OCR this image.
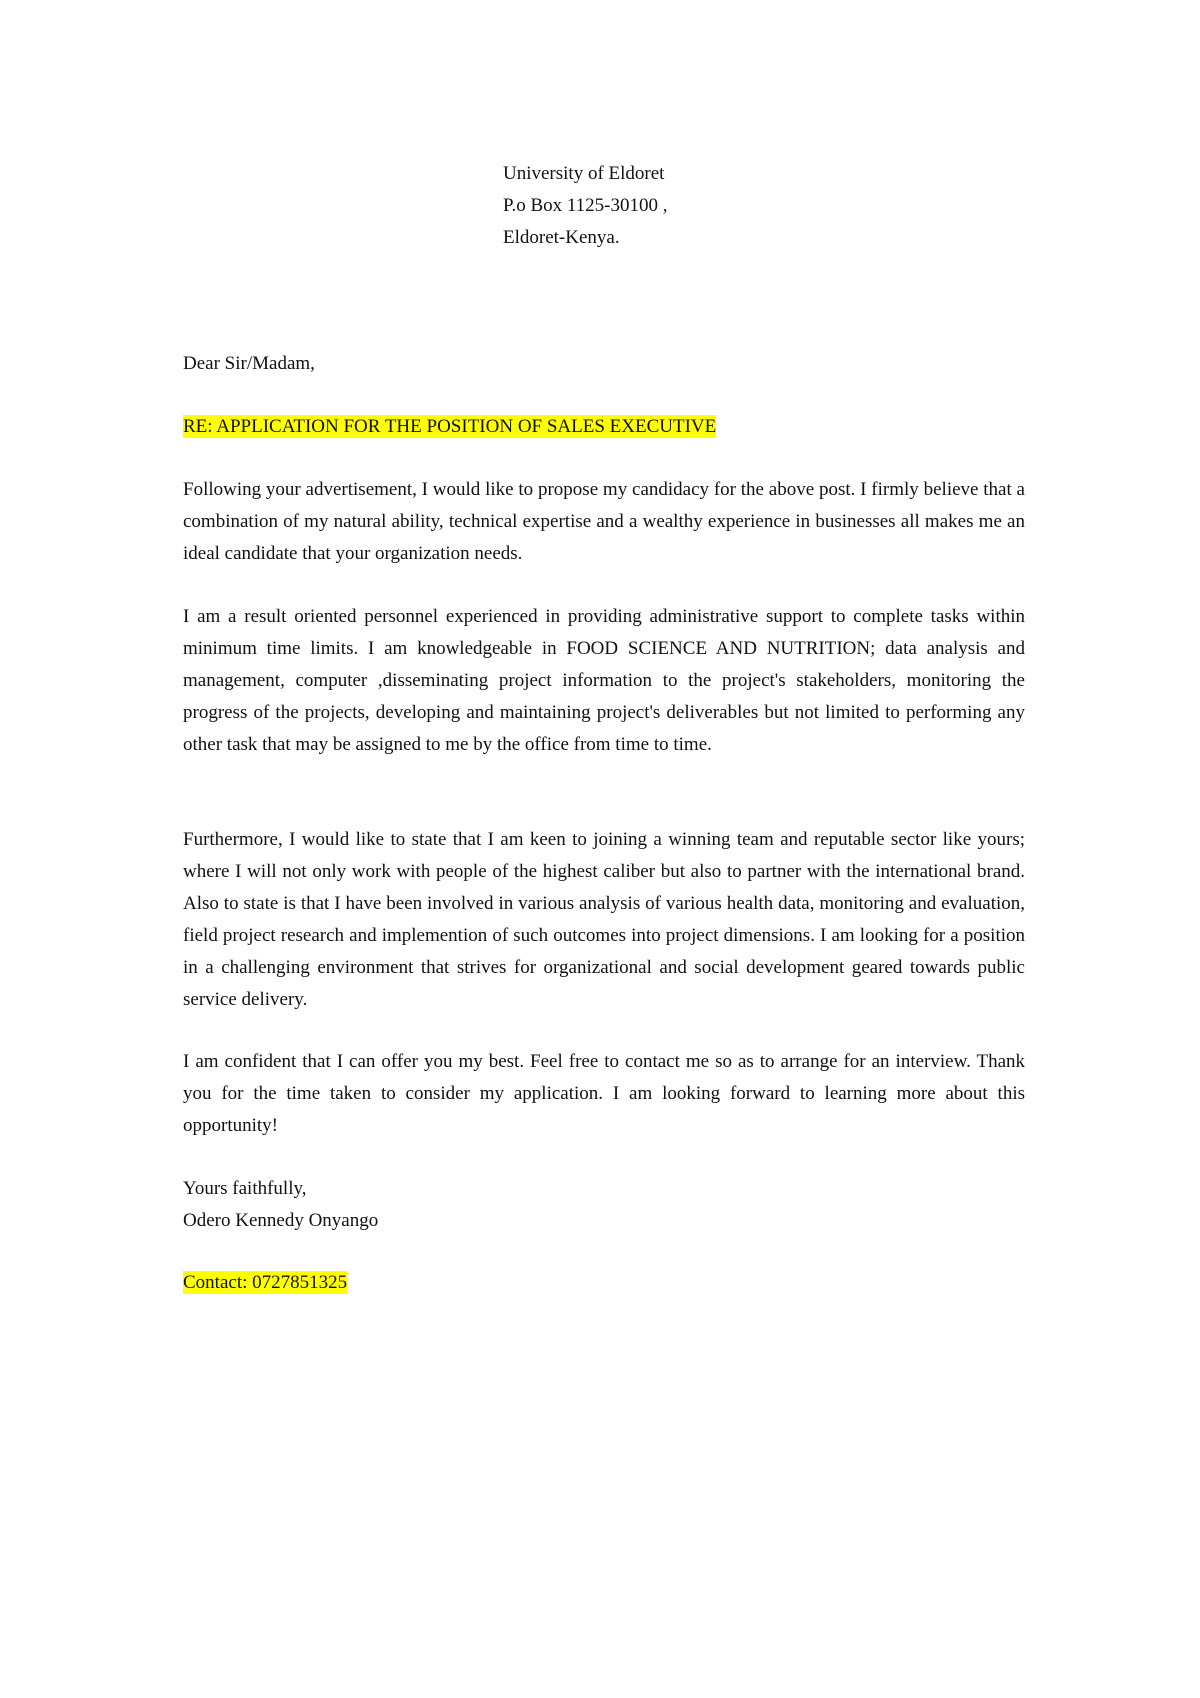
University of Eldoret
P.o Box 1125-30100 ,
Eldoret-Kenya.
Dear Sir/Madam,
RE: APPLICATION FOR THE POSITION OF SALES EXECUTIVE
Following your advertisement, I would like to propose my candidacy for the above post. I firmly believe that a combination of my natural ability, technical expertise and a wealthy experience in businesses all makes me an ideal candidate that your organization needs.
I am a result oriented personnel experienced in providing administrative support to complete tasks within minimum time limits. I am knowledgeable in FOOD SCIENCE AND NUTRITION; data analysis and management, computer ,disseminating project information to the project's stakeholders, monitoring the progress of the projects, developing and maintaining project's deliverables but not limited to performing any other task that may be assigned to me by the office from time to time.
Furthermore, I would like to state that I am keen to joining a winning team and reputable sector like yours; where I will not only work with people of the highest caliber but also to partner with the international brand. Also to state is that I have been involved in various analysis of various health data, monitoring and evaluation, field project research and implemention of such outcomes into project dimensions. I am looking for a position in a challenging environment that strives for organizational and social development geared towards public service delivery.
I am confident that I can offer you my best. Feel free to contact me so as to arrange for an interview. Thank you for the time taken to consider my application. I am looking forward to learning more about this opportunity!
Yours faithfully,
Odero Kennedy Onyango
Contact: 0727851325
